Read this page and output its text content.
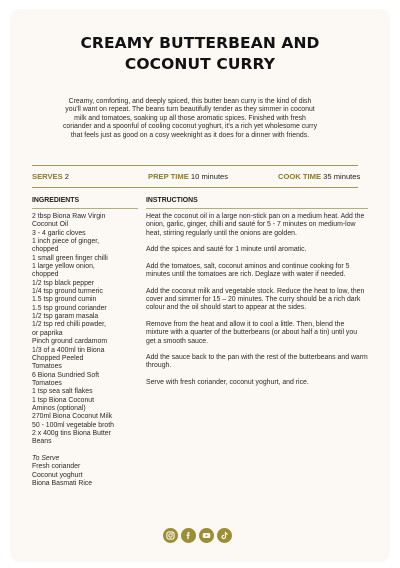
CREAMY BUTTERBEAN AND
COCONUT CURRY
Creamy, comforting, and deeply spiced, this butter bean curry is the kind of dish you'll want on repeat. The beans turn beautifully tender as they simmer in coconut milk and tomatoes, soaking up all those aromatic spices. Finished with fresh coriander and a spoonful of cooling coconut yoghurt, it's a rich yet wholesome curry that feels just as good on a cosy weeknight as it does for a dinner with friends.
SERVES 2	PREP TIME 10 minutes	COOK TIME 35 minutes
INGREDIENTS	INSTRUCTIONS
2 tbsp Biona Raw Virgin
Coconut Oil
3 - 4 garlic cloves
1 inch piece of ginger,
chopped
1 small green finger chilli
1 large yellow onion,
chopped
1/2 tsp black pepper
1/4 tsp ground turmeric
1.5 tsp ground cumin
1.5 tsp ground coriander
1/2 tsp garam masala
1/2 tsp red chilli powder,
or paprika
Pinch ground cardamom
1/3 of a 400ml tin Biona
Chopped Peeled
Tomatoes
6 Biona Sundried Soft
Tomatoes
1 tsp sea salt flakes
1 tsp Biona Coconut
Aminos (optional)
270ml Biona Coconut Milk
50 - 100ml vegetable broth
2 x 400g tins Biona Butter
Beans
To Serve
Fresh coriander
Coconut yoghurt
Biona Basmati Rice

Heat the coconut oil in a large non-stick pan on a medium heat. Add the onion, garlic, ginger, chilli and sauté for 5 - 7 minutes on medium-low heat, stirring regularly until the onions are golden.

Add the spices and sauté for 1 minute until aromatic.

Add the tomatoes, salt, coconut aminos and continue cooking for 5 minutes until the tomatoes are rich. Deglaze with water if needed.

Add the coconut milk and vegetable stock. Reduce the heat to low, then cover and simmer for 15 – 20 minutes. The curry should be a rich dark colour and the oil should start to appear at the sides.

Remove from the heat and allow it to cool a little. Then, blend the mixture with a quarter of the butterbeans (or about half a tin) until you get a smooth sauce.

Add the sauce back to the pan with the rest of the butterbeans and warm through.

Serve with fresh coriander, coconut yoghurt, and rice.
